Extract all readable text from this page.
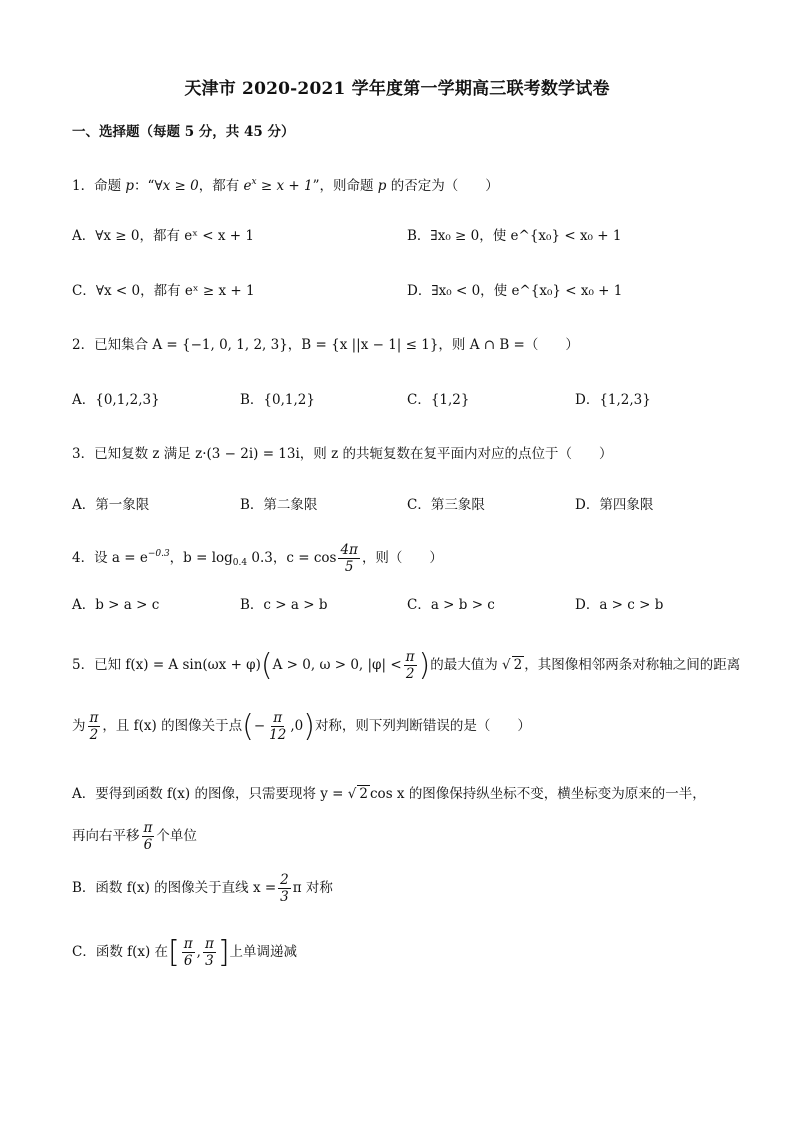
天津市 2020-2021 学年度第一学期高三联考数学试卷
一、选择题（每题 5 分，共 45 分）
1．命题 p：“∀x ≥ 0，都有 $e^x \ge x + 1$”，则命题 p 的否定为（　　）
A．∀x ≥ 0，都有 eˣ < x + 1	B．∃x₀ ≥ 0，使 e^{x₀} < x₀ + 1
C．∀x < 0，都有 eˣ ≥ x + 1	D．∃x₀ < 0，使 e^{x₀} < x₀ + 1
2．已知集合 A = {−1, 0, 1, 2, 3}，B = {x ||x − 1| ≤ 1}，则 A ∩ B =（　　）
A．{0,1,2,3}	B．{0,1,2}	C．{1,2}	D．{1,2,3}
3．已知复数 z 满足 z·(3 − 2i) = 13i，则 z 的共轭复数在复平面内对应的点位于（　　）
A．第一象限	B．第二象限	C．第三象限	D．第四象限
4．设 $a = e^{-0.3}$，$b = \log_{0.4} 0.3$，$c = \cos \frac{4\pi}{5}$ ，则（　　）
A．b > a > c	B．c > a > b	C．a > b > c	D．a > c > b
5．已知 f(x) = A sin(ωx + φ)(A > 0, ω > 0, $|\varphi| < \frac{\pi}{2}$ )的最大值为 √ 2 ，其图像相邻两条对称轴之间的距离
为 $\frac{\pi}{2}$ ，且 f(x) 的图像关于点(− $\frac{\pi}{12} ,0$)对称，则下列判断错误的是（　　）
A．要得到函数 f(x) 的图像，只需要现将 y = √ 2 cos x 的图像保持纵坐标不变，横坐标变为原来的一半，
再向右平移 $\frac{\pi}{6}$ 个单位
B．函数 f(x) 的图像关于直线 $x = \frac{2}{3}$ π 对称
C．函数 f(x) 在[ $\frac{\pi}{6}$ , $\frac{\pi}{3}$ ]上单调递减
